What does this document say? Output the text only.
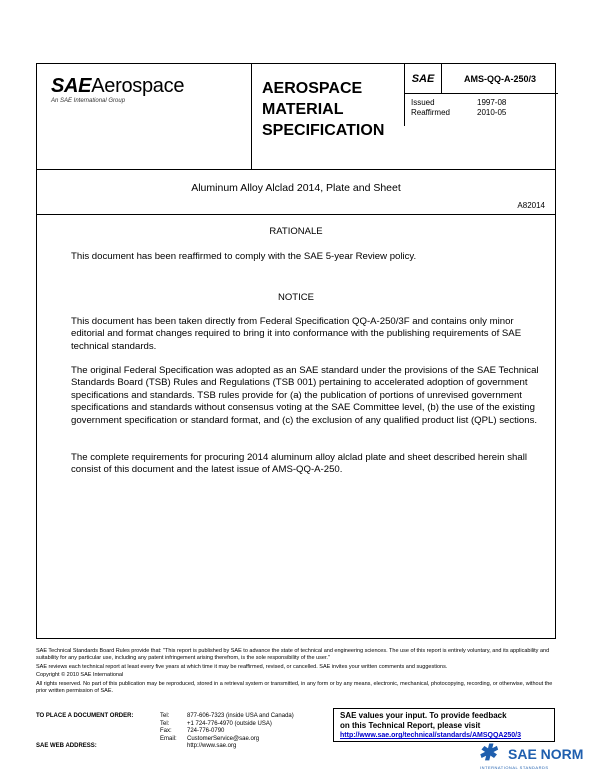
SAEAerospace
An SAE International Group
AEROSPACE
MATERIAL
SPECIFICATION
SAE	AMS-QQ-A-250/3
Issued	1997-08
Reaffirmed	2010-05
Aluminum Alloy Alclad 2014, Plate and Sheet
A82014
RATIONALE
This document has been reaffirmed to comply with the SAE 5-year Review policy.
NOTICE
This document has been taken directly from Federal Specification QQ-A-250/3F and contains only minor editorial and format changes required to bring it into conformance with the publishing requirements of SAE technical standards.
The original Federal Specification was adopted as an SAE standard under the provisions of the SAE Technical Standards Board (TSB) Rules and Regulations (TSB 001) pertaining to accelerated adoption of government specifications and standards. TSB rules provide for (a) the publication of portions of unrevised government specifications and standards without consensus voting at the SAE Committee level, (b) the use of the existing government specification or standard format, and (c) the exclusion of any qualified product list (QPL) sections.
The complete requirements for procuring 2014 aluminum alloy alclad plate and sheet described herein shall consist of this document and the latest issue of AMS-QQ-A-250.

SAE Technical Standards Board Rules provide that: "This report is published by SAE to advance the state of technical and engineering sciences. The use of this report is entirely voluntary, and its applicability and suitability for any particular use, including any patent infringement arising therefrom, is the sole responsibility of the user."

SAE reviews each technical report at least every five years at which time it may be reaffirmed, revised, or cancelled. SAE invites your written comments and suggestions.

Copyright © 2010 SAE International

All rights reserved. No part of this publication may be reproduced, stored in a retrieval system or transmitted, in any form or by any means, electronic, mechanical, photocopying, recording, or otherwise, without the prior written permission of SAE.

TO PLACE A DOCUMENT ORDER:	Tel:	877-606-7323 (inside USA and Canada)
Tel:	+1 724-776-4970 (outside USA)
Fax:	724-776-0790
Email: CustomerService@sae.org
SAE WEB ADDRESS:	http://www.sae.org
SAE values your input. To provide feedback
on this Technical Report, please visit
http://www.sae.org/technical/standards/AMSQQA250/3
✱ SAE NORM
INTERNATIONAL STANDARDS
